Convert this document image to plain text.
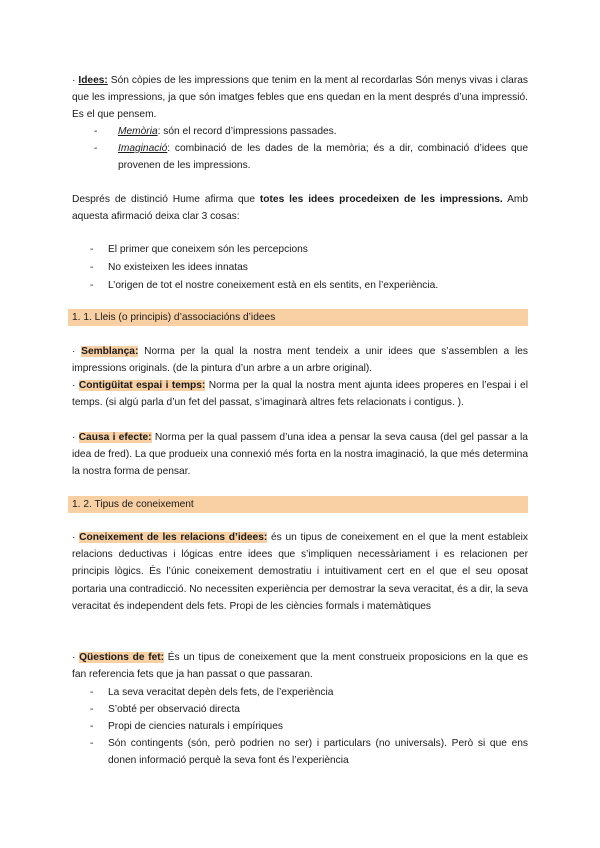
· Idees: Són còpies de les impressions que tenim en la ment al recordarlas Són menys vivas i claras que les impressions, ja que són imatges febles que ens quedan en la ment després d’una impressió. Es el que pensem.
- Memòria: són el record d’impressions passades.
- Imaginació: combinació de les dades de la memòria; és a dir, combinació d’idees que provenen de les impressions.
Després de distinció Hume afirma que totes les idees procedeixen de les impressions. Amb aquesta afirmació deixa clar 3 cosas:
- El primer que coneixem són les percepcions
- No existeixen les idees innatas
- L’origen de tot el nostre coneixement està en els sentits, en l’experiència.
1. 1. Lleis (o principis) d’associacións d’idees
· Semblança: Norma per la qual la nostra ment tendeix a unir idees que s’assemblen a les impressions originals. (de la pintura d’un arbre a un arbre original).
· Contigüitat espai i temps: Norma per la qual la nostra ment ajunta idees properes en l’espai i el temps. (si algú parla d’un fet del passat, s’imaginarà altres fets relacionats i contigus. ).
· Causa i efecte: Norma per la qual passem d’una idea a pensar la seva causa (del gel passar a la idea de fred). La que produeix una connexió més forta en la nostra imaginació, la que més determina la nostra forma de pensar.
1. 2. Tipus de coneixement
· Coneixement de les relacions d’idees: és un tipus de coneixement en el que la ment estableix relacions deductivas i lógicas entre idees que s’impliquen necessàriament i es relacionen per principis lògics. És l’únic coneixement demostratiu i intuitivament cert en el que el seu oposat portaria una contradicció. No necessiten experiència per demostrar la seva veracitat, és a dir, la seva veracitat és independent dels fets. Propi de les ciències formals i matemàtiques
· Qüestions de fet: És un tipus de coneixement que la ment construeix proposicions en la que es fan referencia fets que ja han passat o que passaran.
- La seva veracitat depèn dels fets, de l’experiència
- S’obté per observació directa
- Propi de ciencies naturals i empíriques
- Són contingents (són, però podrien no ser) i particulars (no universals). Però si que ens donen informació perquè la seva font és l’experiència
